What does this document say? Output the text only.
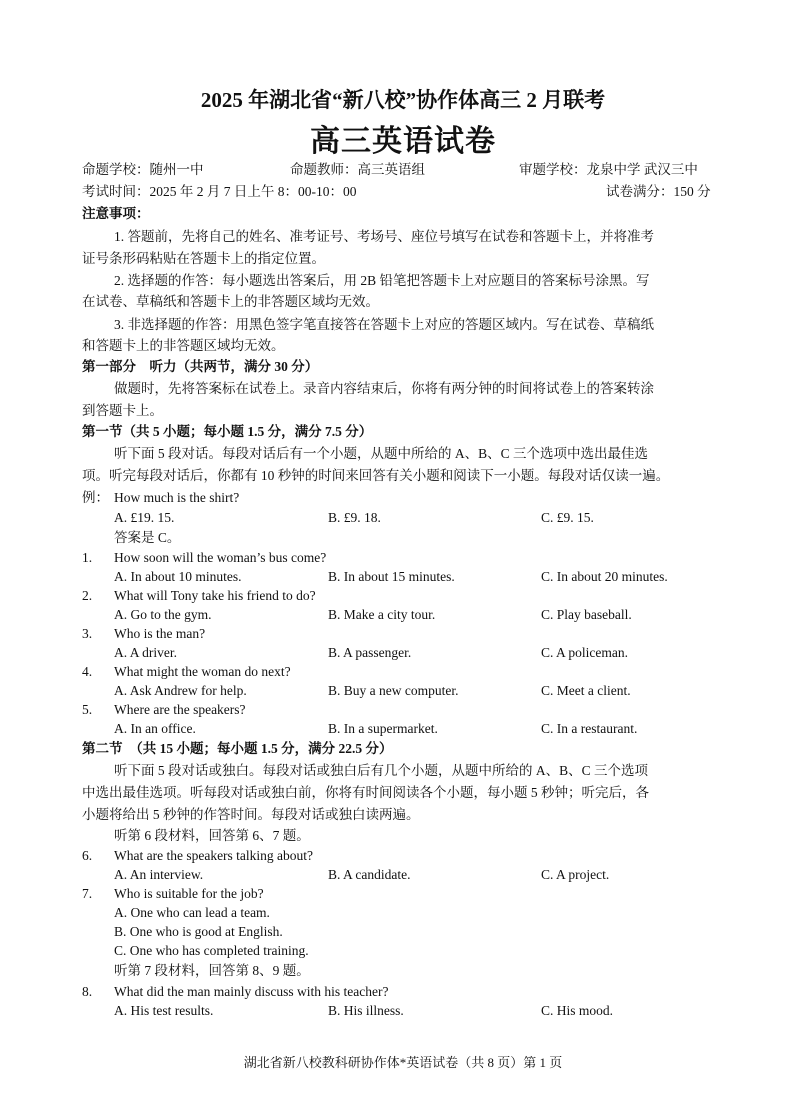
2025 年湖北省“新八校”协作体高三 2 月联考
高三英语试卷
命题学校：随州一中	命题教师：高三英语组	审题学校：龙泉中学 武汉三中
考试时间：2025 年 2 月 7 日上午 8：00-10：00	试卷满分：150 分
注意事项：
1. 答题前，先将自己的姓名、准考证号、考场号、座位号填写在试卷和答题卡上，并将准考
证号条形码粘贴在答题卡上的指定位置。
2. 选择题的作答：每小题选出答案后，用 2B 铅笔把答题卡上对应题目的答案标号涂黑。写
在试卷、草稿纸和答题卡上的非答题区域均无效。
3. 非选择题的作答：用黑色签字笔直接答在答题卡上对应的答题区域内。写在试卷、草稿纸
和答题卡上的非答题区域均无效。
第一部分　听力（共两节，满分 30 分）
做题时，先将答案标在试卷上。录音内容结束后，你将有两分钟的时间将试卷上的答案转涂
到答题卡上。
第一节（共 5 小题；每小题 1.5 分，满分 7.5 分）
听下面 5 段对话。每段对话后有一个小题，从题中所给的 A、B、C 三个选项中选出最佳选
项。听完每段对话后，你都有 10 秒钟的时间来回答有关小题和阅读下一小题。每段对话仅读一遍。
例： How much is the shirt?
A. £19. 15.	B. £9. 18.	C. £9. 15.
答案是 C。
1. How soon will the woman’s bus come?
A. In about 10 minutes.	B. In about 15 minutes.	C. In about 20 minutes.
2. What will Tony take his friend to do?
A. Go to the gym.	B. Make a city tour.	C. Play baseball.
3. Who is the man?
A. A driver.	B. A passenger.	C. A policeman.
4. What might the woman do next?
A. Ask Andrew for help.	B. Buy a new computer.	C. Meet a client.
5. Where are the speakers?
A. In an office.	B. In a supermarket.	C. In a restaurant.
第二节　（共 15 小题；每小题 1.5 分，满分 22.5 分）
听下面 5 段对话或独白。每段对话或独白后有几个小题，从题中所给的 A、B、C 三个选项
中选出最佳选项。听每段对话或独白前，你将有时间阅读各个小题，每小题 5 秒钟；听完后，各
小题将给出 5 秒钟的作答时间。每段对话或独白读两遍。
听第 6 段材料，回答第 6、7 题。
6. What are the speakers talking about?
A. An interview.	B. A candidate.	C. A project.
7. Who is suitable for the job?
A. One who can lead a team.
B. One who is good at English.
C. One who has completed training.
听第 7 段材料，回答第 8、9 题。
8. What did the man mainly discuss with his teacher?
A. His test results.	B. His illness.	C. His mood.
湖北省新八校教科研协作体*英语试卷（共 8 页）第 1 页
